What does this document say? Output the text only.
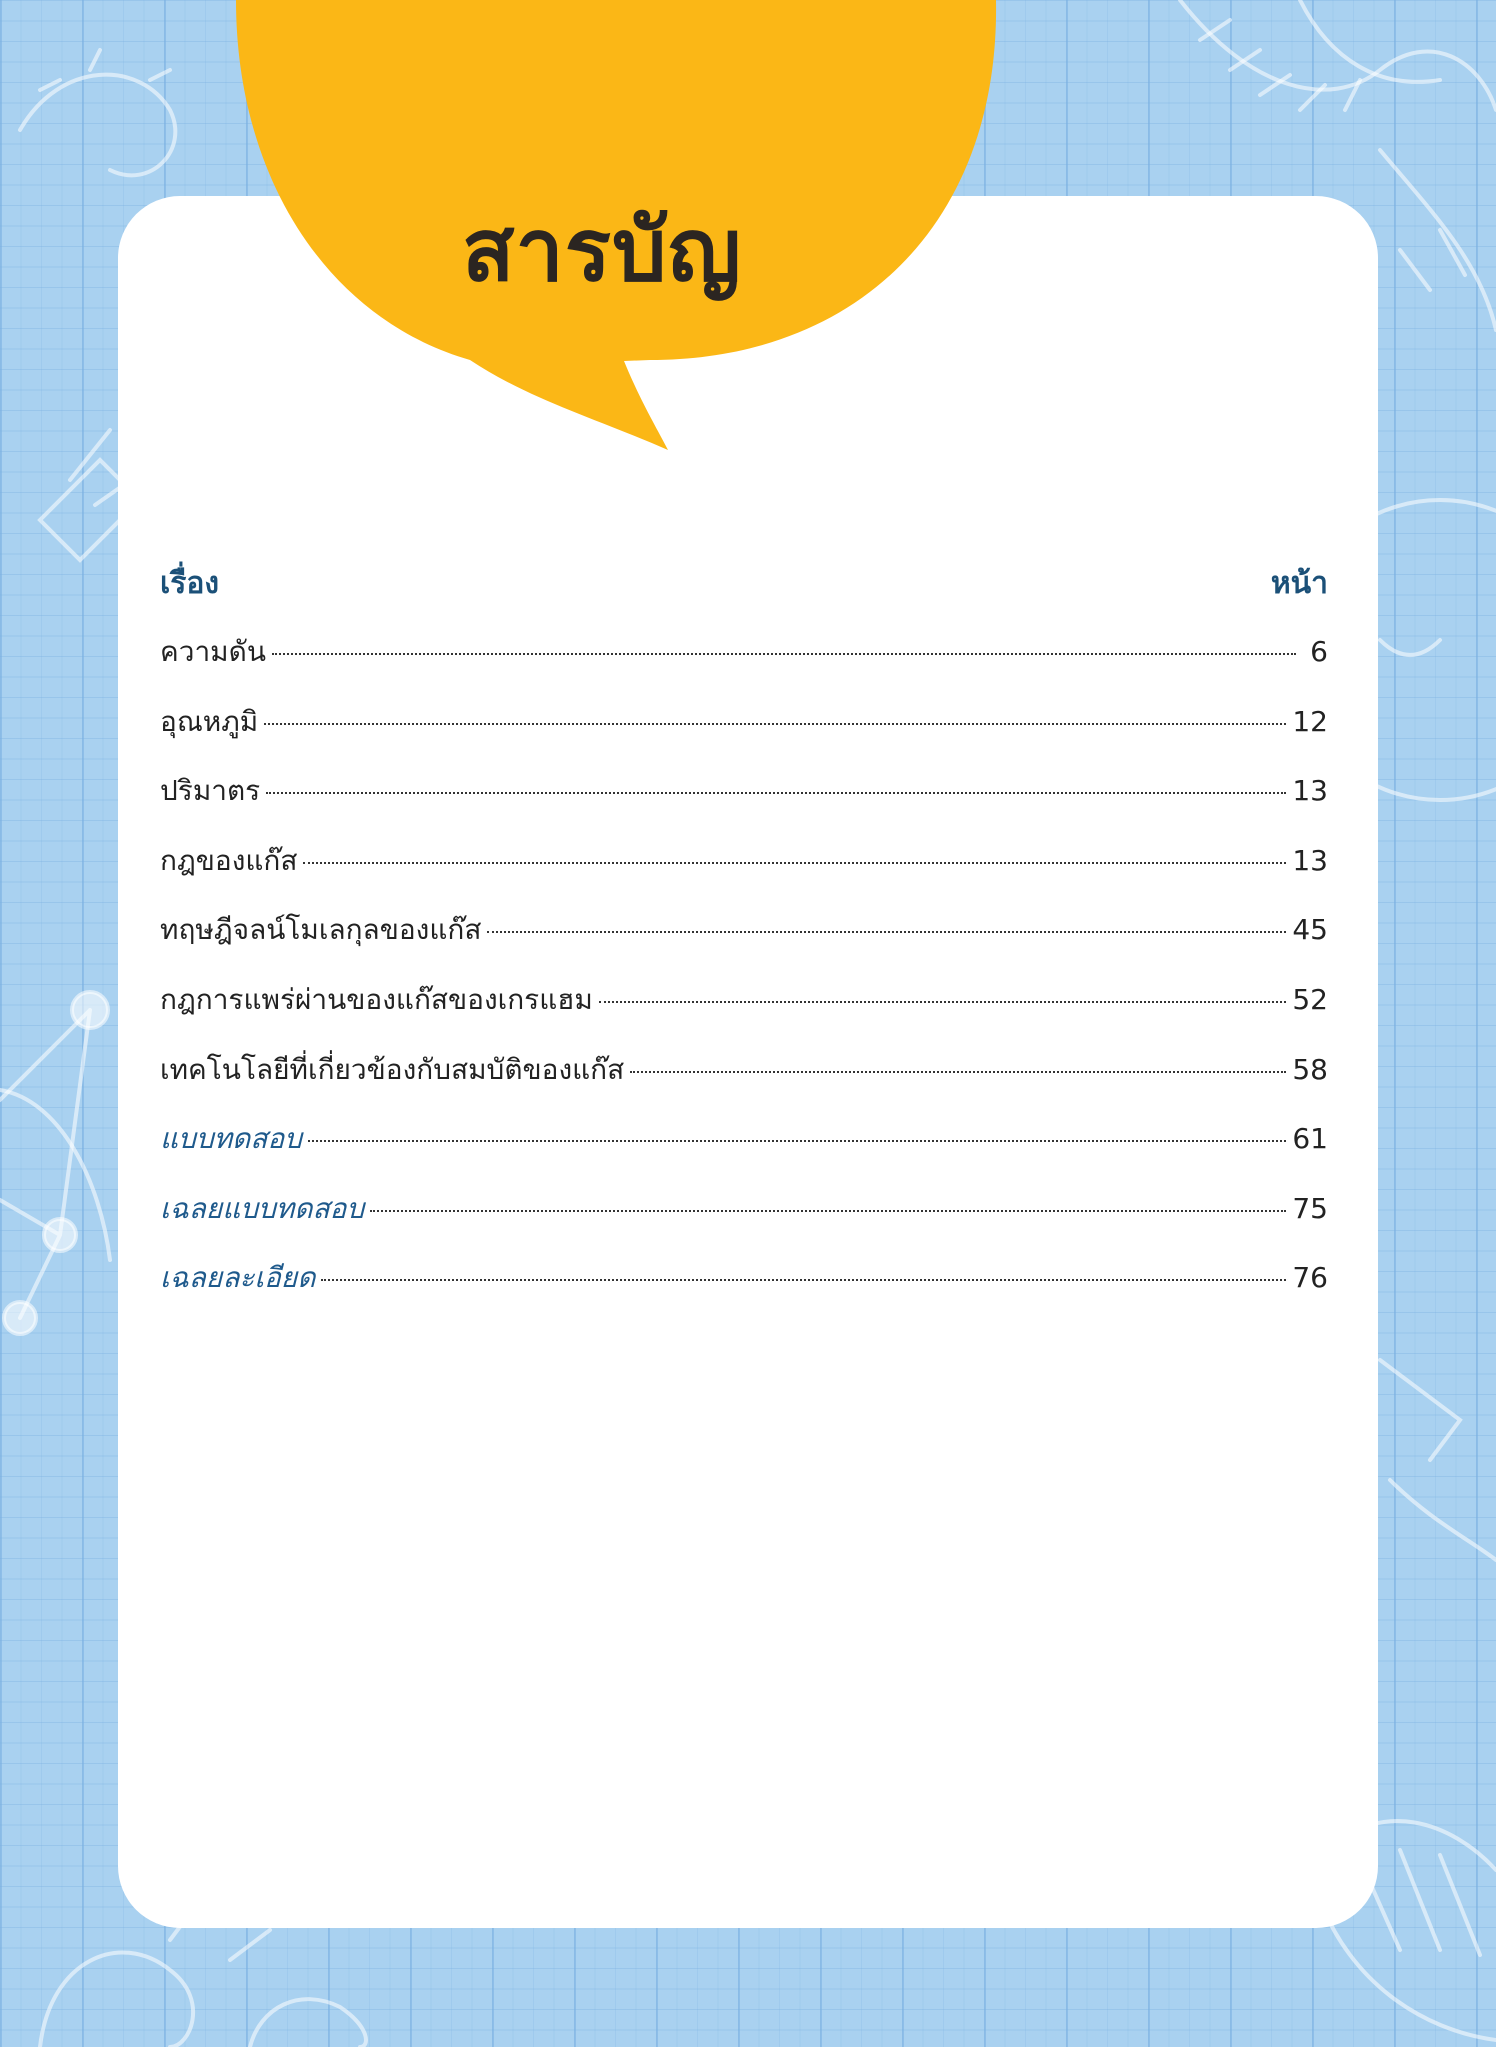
สารบัญ
เรื่อง	หน้า
ความดัน	6
อุณหภูมิ	12
ปริมาตร	13
กฎของแก๊ส	13
ทฤษฎีจลน์โมเลกุลของแก๊ส	45
กฎการแพร่ผ่านของแก๊สของเกรแฮม	52
เทคโนโลยีที่เกี่ยวข้องกับสมบัติของแก๊ส	58
แบบทดสอบ	61
เฉลยแบบทดสอบ	75
เฉลยละเอียด	76
